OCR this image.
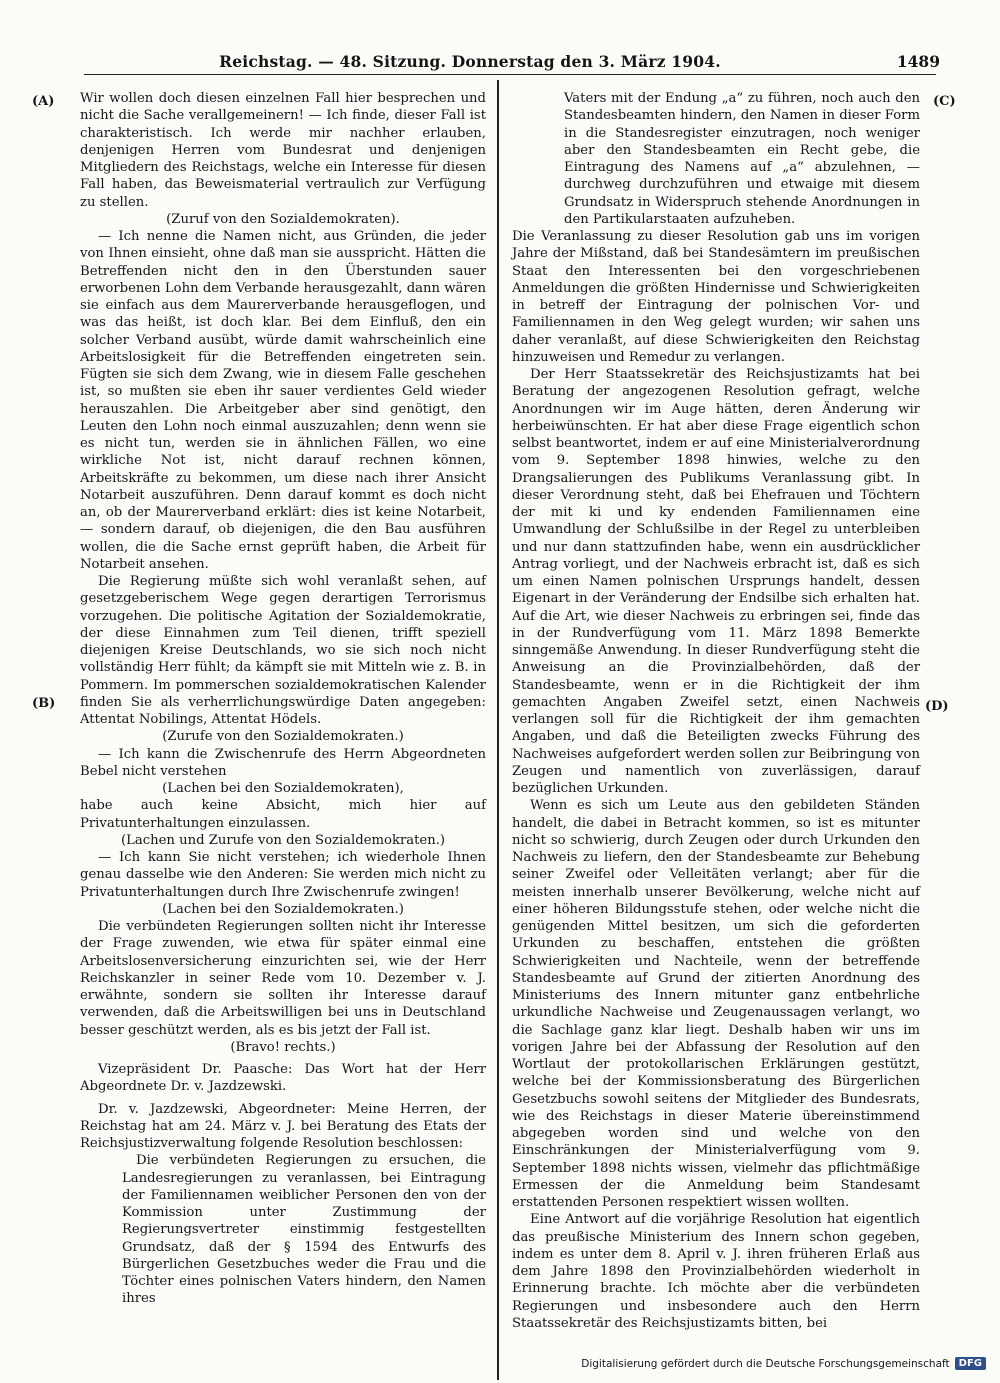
Reichstag. — 48. Sitzung. Donnerstag den 3. März 1904.	1489
(A)
(B)
(C)
(D)

Wir wollen doch diesen einzelnen Fall hier besprechen und nicht die Sache verallgemeinern! — Ich finde, dieser Fall ist charakteristisch. Ich werde mir nachher erlauben, denjenigen Herren vom Bundesrat und denjenigen Mitgliedern des Reichstags, welche ein Interesse für diesen Fall haben, das Beweismaterial vertraulich zur Verfügung zu stellen.

(Zuruf von den Sozialdemokraten).

— Ich nenne die Namen nicht, aus Gründen, die jeder von Ihnen einsieht, ohne daß man sie ausspricht. Hätten die Betreffenden nicht den in den Überstunden sauer erworbenen Lohn dem Verbande herausgezahlt, dann wären sie einfach aus dem Maurerverbande herausgeflogen, und was das heißt, ist doch klar. Bei dem Einfluß, den ein solcher Verband ausübt, würde damit wahrscheinlich eine Arbeitslosigkeit für die Betreffenden eingetreten sein. Fügten sie sich dem Zwang, wie in diesem Falle geschehen ist, so mußten sie eben ihr sauer verdientes Geld wieder herauszahlen. Die Arbeitgeber aber sind genötigt, den Leuten den Lohn noch einmal auszuzahlen; denn wenn sie es nicht tun, werden sie in ähnlichen Fällen, wo eine wirkliche Not ist, nicht darauf rechnen können, Arbeitskräfte zu bekommen, um diese nach ihrer Ansicht Notarbeit auszuführen. Denn darauf kommt es doch nicht an, ob der Maurerverband erklärt: dies ist keine Notarbeit, — sondern darauf, ob diejenigen, die den Bau ausführen wollen, die die Sache ernst geprüft haben, die Arbeit für Notarbeit ansehen.

Die Regierung müßte sich wohl veranlaßt sehen, auf gesetzgeberischem Wege gegen derartigen Terrorismus vorzugehen. Die politische Agitation der Sozialdemokratie, der diese Einnahmen zum Teil dienen, trifft speziell diejenigen Kreise Deutschlands, wo sie sich noch nicht vollständig Herr fühlt; da kämpft sie mit Mitteln wie z. B. in Pommern. Im pommerschen sozialdemokratischen Kalender finden Sie als verherrlichungswürdige Daten angegeben: Attentat Nobilings, Attentat Hödels.

(Zurufe von den Sozialdemokraten.)

— Ich kann die Zwischenrufe des Herrn Abgeordneten Bebel nicht verstehen

(Lachen bei den Sozialdemokraten),

habe auch keine Absicht, mich hier auf Privatunterhaltungen einzulassen.

(Lachen und Zurufe von den Sozialdemokraten.)

— Ich kann Sie nicht verstehen; ich wiederhole Ihnen genau dasselbe wie den Anderen: Sie werden mich nicht zu Privatunterhaltungen durch Ihre Zwischenrufe zwingen!

(Lachen bei den Sozialdemokraten.)

Die verbündeten Regierungen sollten nicht ihr Interesse der Frage zuwenden, wie etwa für später einmal eine Arbeitslosenversicherung einzurichten sei, wie der Herr Reichskanzler in seiner Rede vom 10. Dezember v. J. erwähnte, sondern sie sollten ihr Interesse darauf verwenden, daß die Arbeitswilligen bei uns in Deutschland besser geschützt werden, als es bis jetzt der Fall ist.

(Bravo! rechts.)

Vizepräsident Dr. Paasche: Das Wort hat der Herr Abgeordnete Dr. v. Jazdzewski.

Dr. v. Jazdzewski, Abgeordneter: Meine Herren, der Reichstag hat am 24. März v. J. bei Beratung des Etats der Reichsjustizverwaltung folgende Resolution beschlossen:

Die verbündeten Regierungen zu ersuchen, die Landesregierungen zu veranlassen, bei Eintragung der Familiennamen weiblicher Personen den von der Kommission unter Zustimmung der Regierungsvertreter einstimmig festgestellten Grundsatz, daß der § 1594 des Entwurfs des Bürgerlichen Gesetzbuches weder die Frau und die Töchter eines polnischen Vaters hindern, den Namen ihres

Vaters mit der Endung „a“ zu führen, noch auch den Standesbeamten hindern, den Namen in dieser Form in die Standesregister einzutragen, noch weniger aber den Standesbeamten ein Recht gebe, die Eintragung des Namens auf „a“ abzulehnen, — durchweg durchzuführen und etwaige mit diesem Grundsatz in Widerspruch stehende Anordnungen in den Partikularstaaten aufzuheben.

Die Veranlassung zu dieser Resolution gab uns im vorigen Jahre der Mißstand, daß bei Standesämtern im preußischen Staat den Interessenten bei den vorgeschriebenen Anmeldungen die größten Hindernisse und Schwierigkeiten in betreff der Eintragung der polnischen Vor- und Familiennamen in den Weg gelegt wurden; wir sahen uns daher veranlaßt, auf diese Schwierigkeiten den Reichstag hinzuweisen und Remedur zu verlangen.

Der Herr Staatssekretär des Reichsjustizamts hat bei Beratung der angezogenen Resolution gefragt, welche Anordnungen wir im Auge hätten, deren Änderung wir herbeiwünschten. Er hat aber diese Frage eigentlich schon selbst beantwortet, indem er auf eine Ministerialverordnung vom 9. September 1898 hinwies, welche zu den Drangsalierungen des Publikums Veranlassung gibt. In dieser Verordnung steht, daß bei Ehefrauen und Töchtern der mit ki und ky endenden Familiennamen eine Umwandlung der Schlußsilbe in der Regel zu unterbleiben und nur dann stattzufinden habe, wenn ein ausdrücklicher Antrag vorliegt, und der Nachweis erbracht ist, daß es sich um einen Namen polnischen Ursprungs handelt, dessen Eigenart in der Veränderung der Endsilbe sich erhalten hat. Auf die Art, wie dieser Nachweis zu erbringen sei, finde das in der Rundverfügung vom 11. März 1898 Bemerkte sinngemäße Anwendung. In dieser Rundverfügung steht die Anweisung an die Provinzialbehörden, daß der Standesbeamte, wenn er in die Richtigkeit der ihm gemachten Angaben Zweifel setzt, einen Nachweis verlangen soll für die Richtigkeit der ihm gemachten Angaben, und daß die Beteiligten zwecks Führung des Nachweises aufgefordert werden sollen zur Beibringung von Zeugen und namentlich von zuverlässigen, darauf bezüglichen Urkunden.

Wenn es sich um Leute aus den gebildeten Ständen handelt, die dabei in Betracht kommen, so ist es mitunter nicht so schwierig, durch Zeugen oder durch Urkunden den Nachweis zu liefern, den der Standesbeamte zur Behebung seiner Zweifel oder Velleitäten verlangt; aber für die meisten innerhalb unserer Bevölkerung, welche nicht auf einer höheren Bildungsstufe stehen, oder welche nicht die genügenden Mittel besitzen, um sich die geforderten Urkunden zu beschaffen, entstehen die größten Schwierigkeiten und Nachteile, wenn der betreffende Standesbeamte auf Grund der zitierten Anordnung des Ministeriums des Innern mitunter ganz entbehrliche urkundliche Nachweise und Zeugenaussagen verlangt, wo die Sachlage ganz klar liegt. Deshalb haben wir uns im vorigen Jahre bei der Abfassung der Resolution auf den Wortlaut der protokollarischen Erklärungen gestützt, welche bei der Kommissionsberatung des Bürgerlichen Gesetzbuchs sowohl seitens der Mitglieder des Bundesrats, wie des Reichstags in dieser Materie übereinstimmend abgegeben worden sind und welche von den Einschränkungen der Ministerialverfügung vom 9. September 1898 nichts wissen, vielmehr das pflichtmäßige Ermessen der die Anmeldung beim Standesamt erstattenden Personen respektiert wissen wollten.

Eine Antwort auf die vorjährige Resolution hat eigentlich das preußische Ministerium des Innern schon gegeben, indem es unter dem 8. April v. J. ihren früheren Erlaß aus dem Jahre 1898 den Provinzialbehörden wiederholt in Erinnerung brachte. Ich möchte aber die verbündeten Regierungen und insbesondere auch den Herrn Staatssekretär des Reichsjustizamts bitten, bei

Digitalisierung gefördert durch die Deutsche Forschungsgemeinschaft DFG
